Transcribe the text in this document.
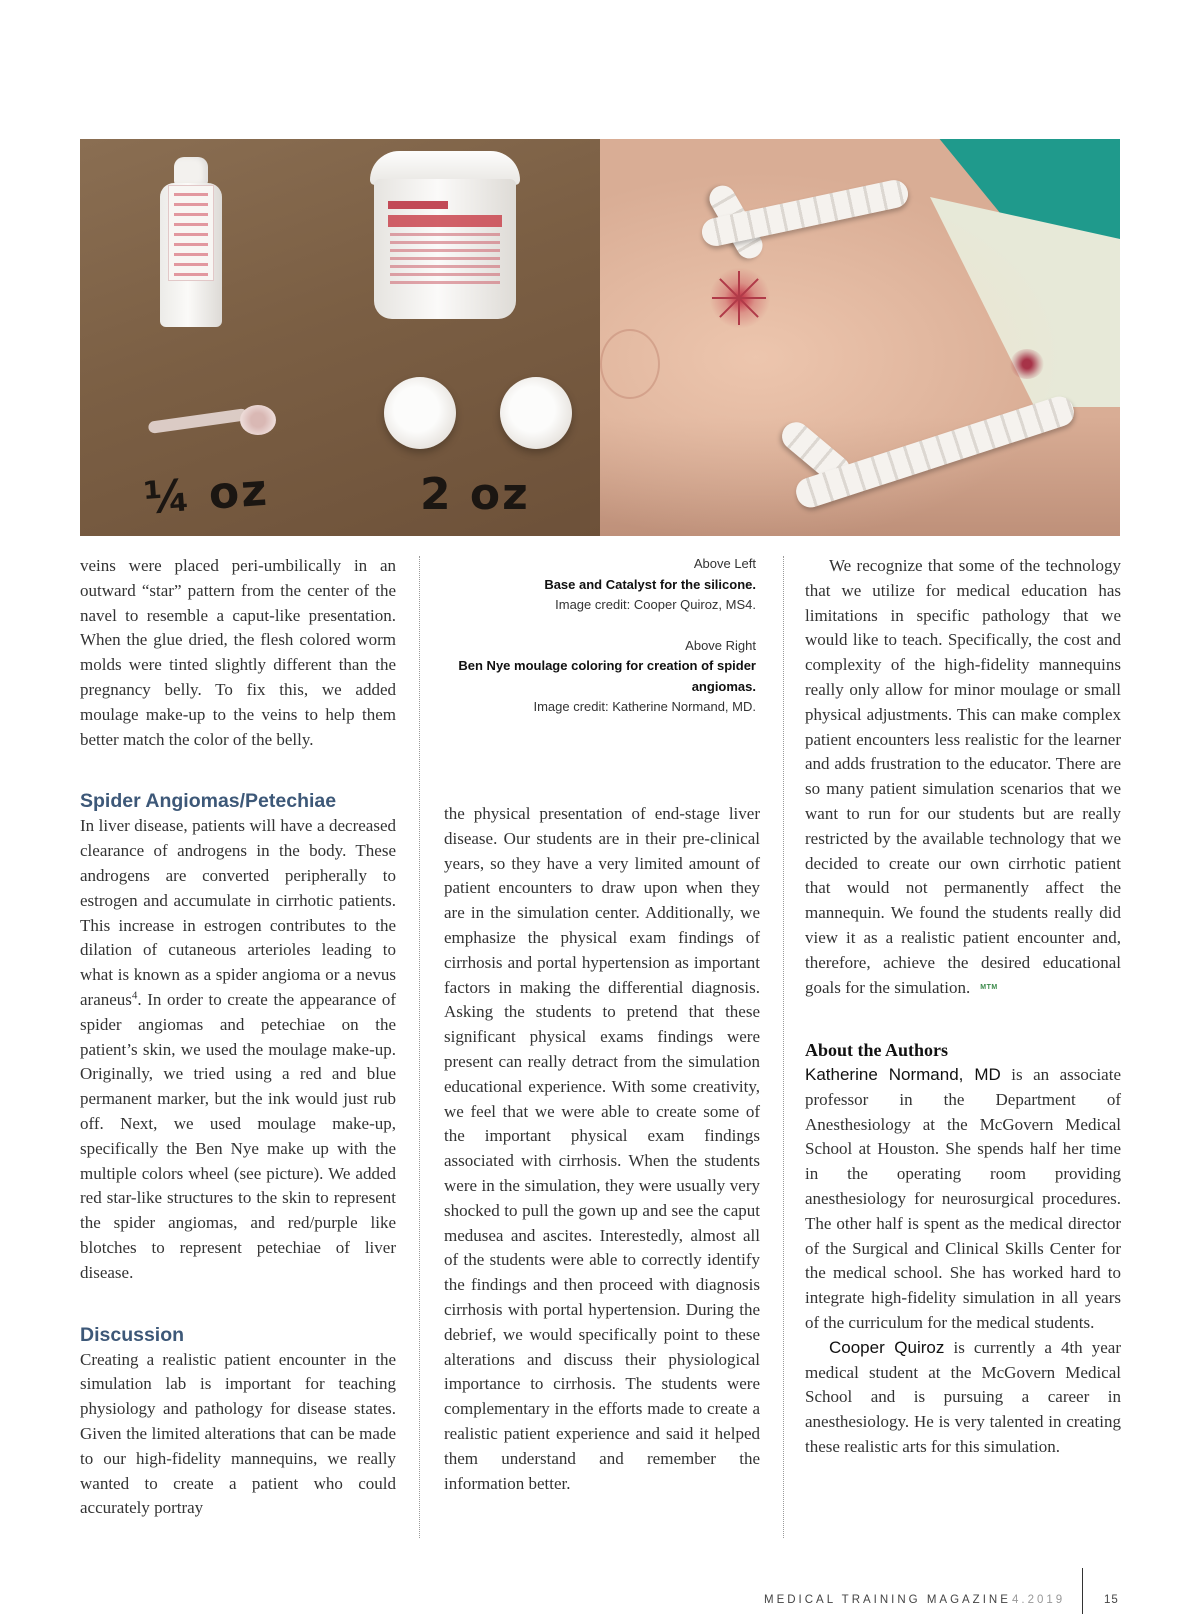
¼ oz	2 oz

veins were placed peri-umbilically in an outward “star” pattern from the center of the navel to resemble a caput-like presentation. When the glue dried, the flesh colored worm molds were tinted slightly different than the pregnancy belly. To fix this, we added moulage make-up to the veins to help them better match the color of the belly.

Spider Angiomas/Petechiae

In liver disease, patients will have a decreased clearance of androgens in the body. These androgens are converted peripherally to estrogen and accumulate in cirrhotic patients. This increase in estrogen contributes to the dilation of cutaneous arterioles leading to what is known as a spider angioma or a nevus araneus$^4$. In order to create the appearance of spider angiomas and petechiae on the patient’s skin, we used the moulage make-up. Originally, we tried using a red and blue permanent marker, but the ink would just rub off. Next, we used moulage make-up, specifically the Ben Nye make up with the multiple colors wheel (see picture). We added red star-like structures to the skin to represent the spider angiomas, and red/purple like blotches to represent petechiae of liver disease.

Discussion

Creating a realistic patient encounter in the simulation lab is important for teaching physiology and pathology for disease states. Given the limited alterations that can be made to our high-fidelity mannequins, we really wanted to create a patient who could accurately portray

Above Left
Base and Catalyst for the silicone.
Image credit: Cooper Quiroz, MS4.
Above Right
Ben Nye moulage coloring for creation of spider angiomas.
Image credit: Katherine Normand, MD.

the physical presentation of end-stage liver disease. Our students are in their pre-clinical years, so they have a very limited amount of patient encounters to draw upon when they are in the simulation center. Additionally, we emphasize the physical exam findings of cirrhosis and portal hypertension as important factors in making the differential diagnosis. Asking the students to pretend that these significant physical exams findings were present can really detract from the simulation educational experience. With some creativity, we feel that we were able to create some of the important physical exam findings associated with cirrhosis. When the students were in the simulation, they were usually very shocked to pull the gown up and see the caput medusea and ascites. Interestedly, almost all of the students were able to correctly identify the findings and then proceed with diagnosis cirrhosis with portal hypertension. During the debrief, we would specifically point to these alterations and discuss their physiological importance to cirrhosis. The students were complementary in the efforts made to create a realistic patient experience and said it helped them understand and remember the information better.

We recognize that some of the technology that we utilize for medical education has limitations in specific pathology that we would like to teach. Specifically, the cost and complexity of the high-fidelity mannequins really only allow for minor moulage or small physical adjustments. This can make complex patient encounters less realistic for the learner and adds frustration to the educator. There are so many patient simulation scenarios that we want to run for our students but are really restricted by the available technology that we decided to create our own cirrhotic patient that would not permanently affect the mannequin. We found the students really did view it as a realistic patient encounter and, therefore, achieve the desired educational goals for the simulation. MTM

About the Authors

Katherine Normand, MD is an associate professor in the Department of Anesthesiology at the McGovern Medical School at Houston. She spends half her time in the operating room providing anesthesiology for neurosurgical procedures. The other half is spent as the medical director of the Surgical and Clinical Skills Center for the medical school. She has worked hard to integrate high-fidelity simulation in all years of the curriculum for the medical students.

Cooper Quiroz is currently a 4th year medical student at the McGovern Medical School and is pursuing a career in anesthesiology. He is very talented in creating these realistic arts for this simulation.

MEDICAL TRAINING MAGAZINE 4.2019	15
